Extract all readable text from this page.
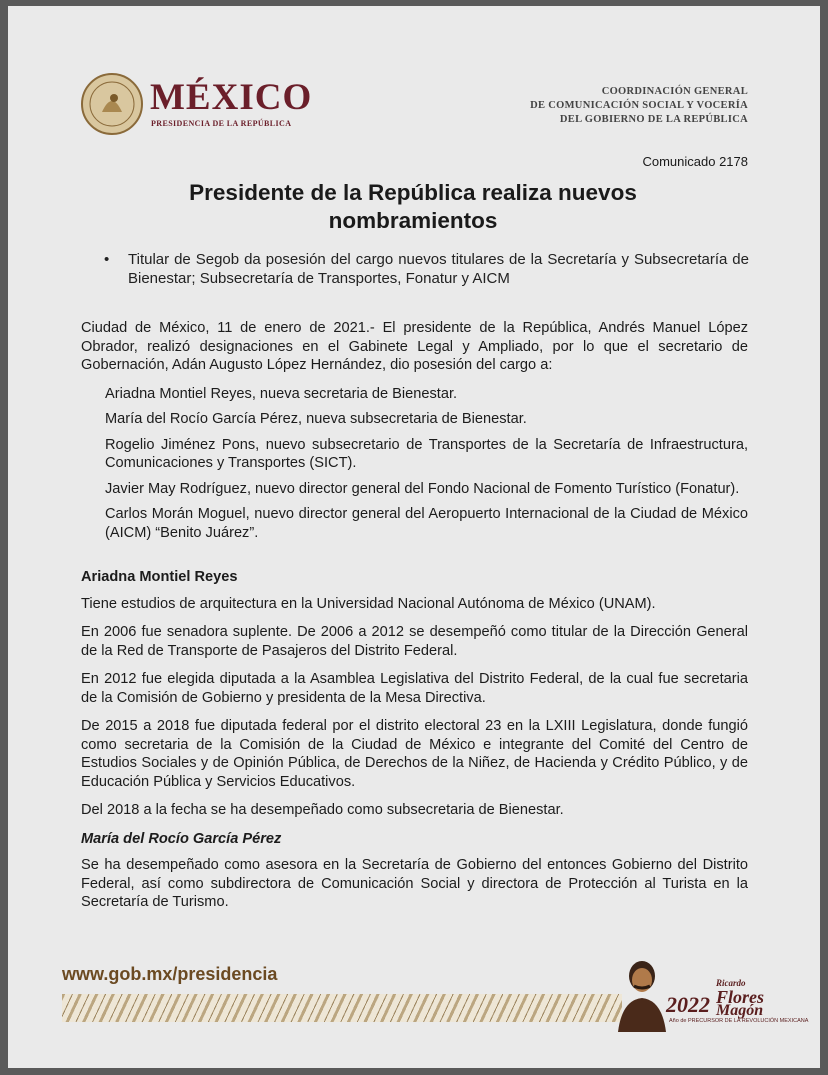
MÉXICO
PRESIDENCIA DE LA REPÚBLICA
COORDINACIÓN GENERAL
DE COMUNICACIÓN SOCIAL Y VOCERÍA
DEL GOBIERNO DE LA REPÚBLICA
Comunicado 2178
Presidente de la República realiza nuevos nombramientos
• Titular de Segob da posesión del cargo nuevos titulares de la Secretaría y Subsecretaría de Bienestar; Subsecretaría de Transportes, Fonatur y AICM

Ciudad de México, 11 de enero de 2021.- El presidente de la República, Andrés Manuel López Obrador, realizó designaciones en el Gabinete Legal y Ampliado, por lo que el secretario de Gobernación, Adán Augusto López Hernández, dio posesión del cargo a:

Ariadna Montiel Reyes, nueva secretaria de Bienestar.

María del Rocío García Pérez, nueva subsecretaria de Bienestar.

Rogelio Jiménez Pons, nuevo subsecretario de Transportes de la Secretaría de Infraestructura, Comunicaciones y Transportes (SICT).

Javier May Rodríguez, nuevo director general del Fondo Nacional de Fomento Turístico (Fonatur).

Carlos Morán Moguel, nuevo director general del Aeropuerto Internacional de la Ciudad de México (AICM) “Benito Juárez”.

Ariadna Montiel Reyes

Tiene estudios de arquitectura en la Universidad Nacional Autónoma de México (UNAM).

En 2006 fue senadora suplente. De 2006 a 2012 se desempeñó como titular de la Dirección General de la Red de Transporte de Pasajeros del Distrito Federal.

En 2012 fue elegida diputada a la Asamblea Legislativa del Distrito Federal, de la cual fue secretaria de la Comisión de Gobierno y presidenta de la Mesa Directiva.

De 2015 a 2018 fue diputada federal por el distrito electoral 23 en la LXIII Legislatura, donde fungió como secretaria de la Comisión de la Ciudad de México e integrante del Comité del Centro de Estudios Sociales y de Opinión Pública, de Derechos de la Niñez, de Hacienda y Crédito Público, y de Educación Pública y Servicios Educativos.

Del 2018 a la fecha se ha desempeñado como subsecretaria de Bienestar.

María del Rocío García Pérez

Se ha desempeñado como asesora en la Secretaría de Gobierno del entonces Gobierno del Distrito Federal, así como subdirectora de Comunicación Social y directora de Protección al Turista en la Secretaría de Turismo.

www.gob.mx/presidencia
2022
Ricardo
Flores
Magón
Año de PRECURSOR DE LA REVOLUCIÓN MEXICANA
